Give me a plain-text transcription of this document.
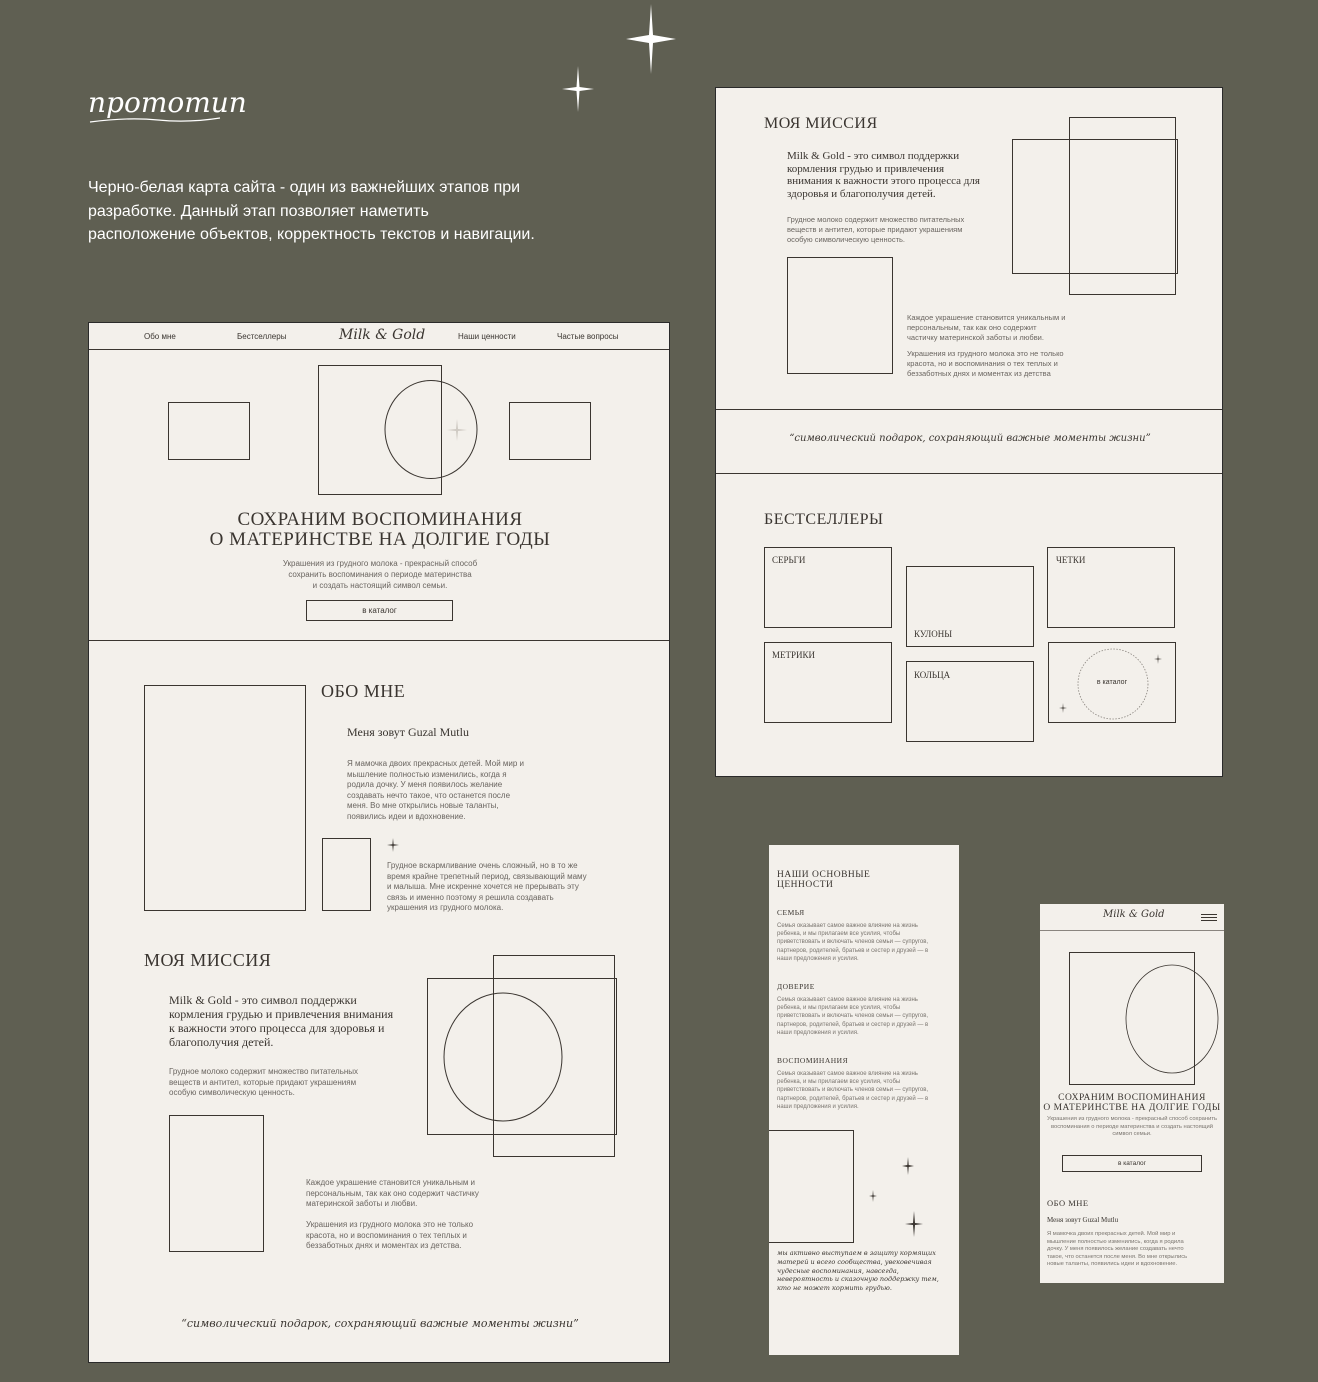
прототип
Черно-белая карта сайта - один из важнейших этапов при разработке. Данный этап позволяет наметить расположение объектов, корректность текстов и навигации.
Обо мне	Бестселлеры	Milk & Gold	Наши ценности	Частые вопросы
СОХРАНИМ ВОСПОМИНАНИЯ
О МАТЕРИНСТВЕ НА ДОЛГИЕ ГОДЫ
Украшения из грудного молока - прекрасный способ
сохранить воспоминания о периоде материнства
и создать настоящий символ семьи.
в каталог
ОБО МНЕ
Меня зовут Guzal Mutlu
Я мамочка двоих прекрасных детей. Мой мир и мышление полностью изменились, когда я родила дочку. У меня появилось желание создавать нечто такое, что останется после меня. Во мне открылись новые таланты, появились идеи и вдохновение.
Грудное вскармливание очень сложный, но в то же время крайне трепетный период, связывающий маму и малыша. Мне искренне хочется не прерывать эту связь и именно поэтому я решила создавать украшения из грудного молока.
МОЯ МИССИЯ
Milk & Gold - это символ поддержки кормления грудью и привлечения внимания к важности этого процесса для здоровья и благополучия детей.
Грудное молоко содержит множество питательных веществ и антител, которые придают украшениям особую символическую ценность.
Каждое украшение становится уникальным и персональным, так как оно содержит частичку материнской заботы и любви.
Украшения из грудного молока это не только красота, но и воспоминания о тех теплых и беззаботных днях и моментах из детства.
“символический подарок, сохраняющий важные моменты жизни”
МОЯ МИССИЯ
Milk & Gold - это символ поддержки кормления грудью и привлечения внимания к важности этого процесса для здоровья и благополучия детей.
Грудное молоко содержит множество питательных веществ и антител, которые придают украшениям особую символическую ценность.
Каждое украшение становится уникальным и персональным, так как оно содержит частичку материнской заботы и любви.
Украшения из грудного молока это не только красота, но и воспоминания о тех теплых и беззаботных днях и моментах из детства
“символический подарок, сохраняющий важные моменты жизни”
БЕСТСЕЛЛЕРЫ
СЕРЬГИ
КУЛОНЫ
ЧЕТКИ
МЕТРИКИ
КОЛЬЦА
в каталог
НАШИ ОСНОВНЫЕ
ЦЕННОСТИ
СЕМЬЯ
Семья оказывает самое важное влияние на жизнь ребенка, и мы прилагаем все усилия, чтобы приветствовать и включать членов семьи — супругов, партнеров, родителей, братьев и сестер и друзей — в наши предложения и усилия.
ДОВЕРИЕ
Семья оказывает самое важное влияние на жизнь ребенка, и мы прилагаем все усилия, чтобы приветствовать и включать членов семьи — супругов, партнеров, родителей, братьев и сестер и друзей — в наши предложения и усилия.
ВОСПОМИНАНИЯ
Семья оказывает самое важное влияние на жизнь ребенка, и мы прилагаем все усилия, чтобы приветствовать и включать членов семьи — супругов, партнеров, родителей, братьев и сестер и друзей — в наши предложения и усилия.
мы активно выступаем в защиту кормящих матерей и всего сообщества, увековечивая чудесные воспоминания, навсегда, невероятность и сказочную поддержку тем, кто не может кормить грудью.
Milk & Gold
СОХРАНИМ ВОСПОМИНАНИЯ
О МАТЕРИНСТВЕ НА ДОЛГИЕ ГОДЫ
Украшения из грудного молока - прекрасный способ сохранить воспоминания о периоде материнства и создать настоящий символ семьи.
в каталог
ОБО МНЕ
Меня зовут Guzal Mutlu
Я мамочка двоих прекрасных детей. Мой мир и мышление полностью изменились, когда я родила дочку. У меня появилось желание создавать нечто такое, что останется после меня. Во мне открылись новые таланты, появились идеи и вдохновение.
